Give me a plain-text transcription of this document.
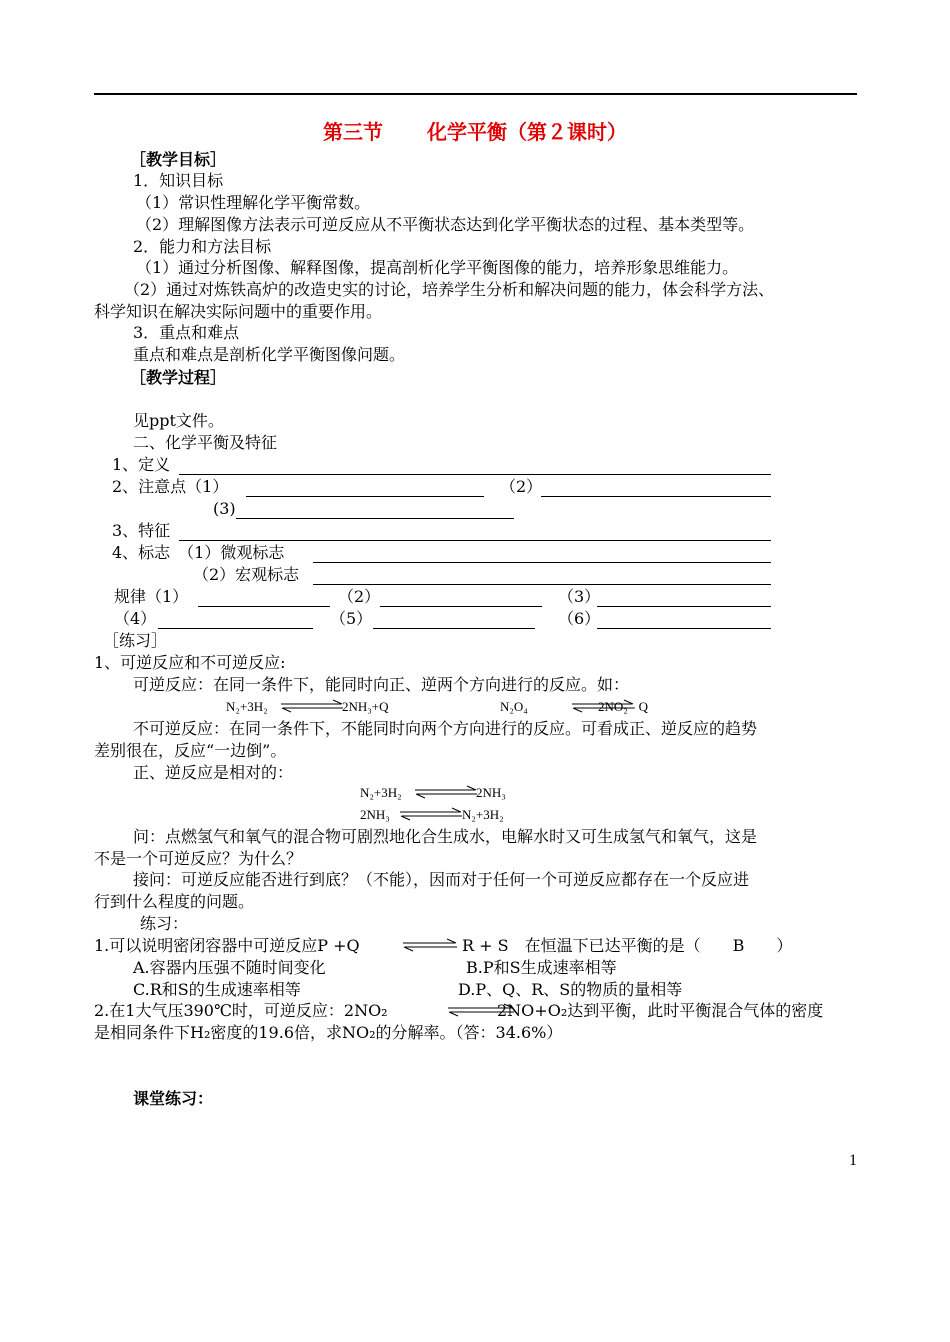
第三节 化学平衡（第２课时）
［教学目标］
1．知识目标
（1）常识性理解化学平衡常数。
（2）理解图像方法表示可逆反应从不平衡状态达到化学平衡状态的过程、基本类型等。
2．能力和方法目标
（1）通过分析图像、解释图像，提高剖析化学平衡图像的能力，培养形象思维能力。
（2）通过对炼铁高炉的改造史实的讨论，培养学生分析和解决问题的能力，体会科学方法、
科学知识在解决实际问题中的重要作用。
3．重点和难点
重点和难点是剖析化学平衡图像问题。
［教学过程］
见ppt文件。
二、化学平衡及特征
1、定义
2、注意点（1）	（2）
(3)
3、特征
4、标志　（1）微观标志
（2）宏观标志
规律（1）	（2）	（3）
（4）	（5）	（6）
［练习］
1、可逆反应和不可逆反应:
可逆反应：在同一条件下，能同时向正、逆两个方向进行的反应。如：
N₂+3H₂	2NH₃+Q	N₂O₄	2NO₂ - Q
不可逆反应：在同一条件下，不能同时向两个方向进行的反应。可看成正、逆反应的趋势
差别很在，反应“一边倒”。
正、逆反应是相对的：
N₂+3H₂	2NH₃
2NH₃	N₂+3H₂
问：点燃氢气和氧气的混合物可剧烈地化合生成水，电解水时又可生成氢气和氧气，这是
不是一个可逆反应？为什么？
接问：可逆反应能否进行到底？（不能），因而对于任何一个可逆反应都存在一个反应进
行到什么程度的问题。
练习：
1.可以说明密闭容器中可逆反应P +Q	⇌ R + S　在恒温下已达平衡的是（　　B　　）
A.容器内压强不随时间变化	B.P和S生成速率相等
C.R和S的生成速率相等	D.P、Q、R、S的物质的量相等
2.在1大气压390℃时，可逆反应：2NO₂	2NO+O₂达到平衡，此时平衡混合气体的密度
是相同条件下H₂密度的19.6倍，求NO₂的分解率。（答：34.6%）
课堂练习：
1
